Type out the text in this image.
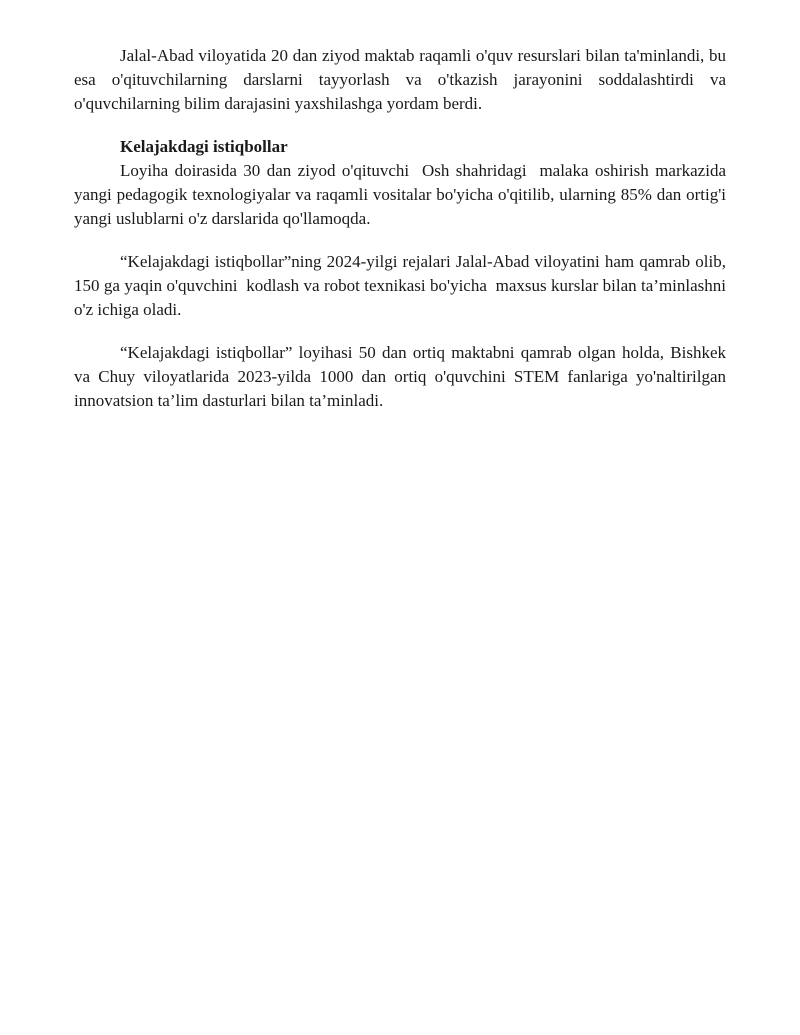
Jalal-Abad viloyatida 20 dan ziyod maktab raqamli o'quv resurslari bilan ta'minlandi, bu esa o'qituvchilarning darslarni tayyorlash va o'tkazish jarayonini soddalashtirdi va o'quvchilarning bilim darajasini yaxshilashga yordam berdi.

Kelajakdagi istiqbollar

Loyiha doirasida 30 dan ziyod o'qituvchi  Osh shahridagi  malaka oshirish markazida yangi pedagogik texnologiyalar va raqamli vositalar bo'yicha o'qitilib, ularning 85% dan ortig'i  yangi uslublarni o'z darslarida qo'llamoqda.

“Kelajakdagi istiqbollar”ning 2024-yilgi rejalari Jalal-Abad viloyatini ham qamrab olib, 150 ga yaqin o'quvchini  kodlash va robot texnikasi bo'yicha  maxsus kurslar bilan ta’minlashni o'z ichiga oladi.

“Kelajakdagi istiqbollar” loyihasi 50 dan ortiq maktabni qamrab olgan holda, Bishkek va Chuy viloyatlarida 2023-yilda 1000 dan ortiq o'quvchini STEM fanlariga yo'naltirilgan innovatsion ta’lim dasturlari bilan ta’minladi.
